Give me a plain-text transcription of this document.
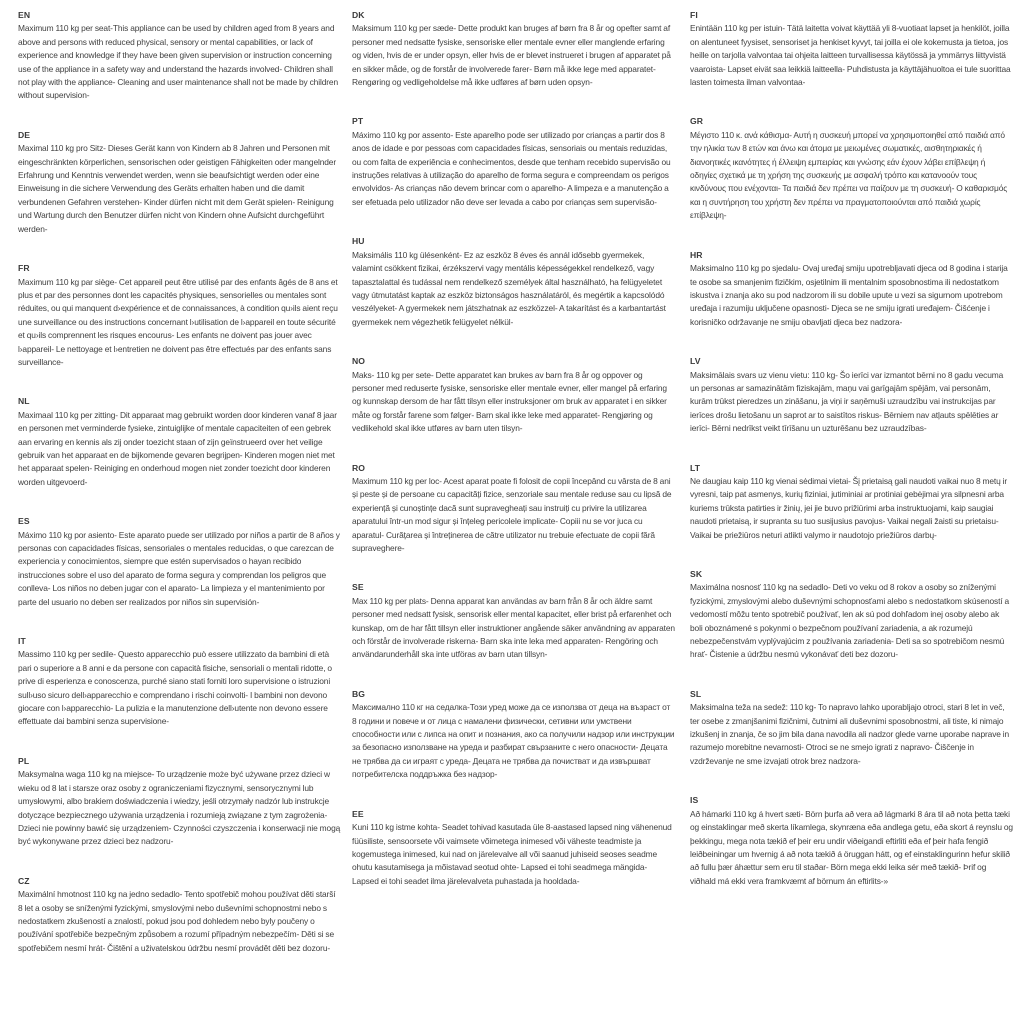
EN
Maximum 110 kg per seat-This appliance can be used by children aged from 8 years and above and persons with reduced physical, sensory or mental capabilities, or lack of experience and knowledge if they have been given supervision or instruction concerning use of the appliance in a safety way and understand the hazards involved- Children shall not play with the appliance- Cleaning and user maintenance shall not be made by children without supervision-
DE
Maximal 110 kg pro Sitz- Dieses Gerät kann von Kindern ab 8 Jahren und Personen mit eingeschränkten körperlichen, sensorischen oder geistigen Fähigkeiten oder mangelnder Erfahrung und Kenntnis verwendet werden, wenn sie beaufsichtigt werden oder eine Einweisung in die sichere Verwendung des Geräts erhalten haben und die damit verbundenen Gefahren verstehen- Kinder dürfen nicht mit dem Gerät spielen- Reinigung und Wartung durch den Benutzer dürfen nicht von Kindern ohne Aufsicht durchgeführt werden-
FR
Maximum 110 kg par siège- Cet appareil peut être utilisé par des enfants âgés de 8 ans et plus et par des personnes dont les capacités physiques, sensorielles ou mentales sont réduites, ou qui manquent d›expérience et de connaissances, à condition qu›ils aient reçu une surveillance ou des instructions concernant l›utilisation de l›appareil en toute sécurité et qu›ils comprennent les risques encourus- Les enfants ne doivent pas jouer avec l›appareil- Le nettoyage et l›entretien ne doivent pas être effectués par des enfants sans surveillance-
NL
Maximaal 110 kg per zitting- Dit apparaat mag gebruikt worden door kinderen vanaf 8 jaar en personen met verminderde fysieke, zintuiglijke of mentale capaciteiten of een gebrek aan ervaring en kennis als zij onder toezicht staan of zijn geïnstrueerd over het veilige gebruik van het apparaat en de bijkomende gevaren begrijpen- Kinderen mogen niet met het apparaat spelen- Reiniging en onderhoud mogen niet zonder toezicht door kinderen worden uitgevoerd-
ES
Máximo 110 kg por asiento- Este aparato puede ser utilizado por niños a partir de 8 años y personas con capacidades físicas, sensoriales o mentales reducidas, o que carezcan de experiencia y conocimientos, siempre que estén supervisados o hayan recibido instrucciones sobre el uso del aparato de forma segura y comprendan los peligros que conlleva- Los niños no deben jugar con el aparato- La limpieza y el mantenimiento por parte del usuario no deben ser realizados por niños sin supervisión-
IT
Massimo 110 kg per sedile- Questo apparecchio può essere utilizzato da bambini di età pari o superiore a 8 anni e da persone con capacità fisiche, sensoriali o mentali ridotte, o prive di esperienza e conoscenza, purché siano stati forniti loro supervisione o istruzioni sull›uso sicuro dell›apparecchio e comprendano i rischi coinvolti- I bambini non devono giocare con l›apparecchio- La pulizia e la manutenzione dell›utente non devono essere effettuate dai bambini senza supervisione-
PL
Maksymalna waga 110 kg na miejsce- To urządzenie może być używane przez dzieci w wieku od 8 lat i starsze oraz osoby z ograniczeniami fizycznymi, sensorycznymi lub umysłowymi, albo brakiem doświadczenia i wiedzy, jeśli otrzymały nadzór lub instrukcje dotyczące bezpiecznego używania urządzenia i rozumieją związane z tym zagrożenia- Dzieci nie powinny bawić się urządzeniem- Czynności czyszczenia i konserwacji nie mogą być wykonywane przez dzieci bez nadzoru-
CZ
Maximální hmotnost 110 kg na jedno sedadlo- Tento spotřebič mohou používat děti starší 8 let a osoby se sníženými fyzickými, smyslovými nebo duševními schopnostmi nebo s nedostatkem zkušeností a znalostí, pokud jsou pod dohledem nebo byly poučeny o používání spotřebiče bezpečným způsobem a rozumí případným nebezpečím- Děti si se spotřebičem nesmí hrát- Čištění a uživatelskou údržbu nesmí provádět děti bez dozoru-
DK
Maksimum 110 kg per sæde- Dette produkt kan bruges af børn fra 8 år og opefter samt af personer med nedsatte fysiske, sensoriske eller mentale evner eller manglende erfaring og viden, hvis de er under opsyn, eller hvis de er blevet instrueret i brugen af apparatet på en sikker måde, og de forstår de involverede farer- Børn må ikke lege med apparatet- Rengøring og vedligeholdelse må ikke udføres af børn uden opsyn-
PT
Máximo 110 kg por assento- Este aparelho pode ser utilizado por crianças a partir dos 8 anos de idade e por pessoas com capacidades físicas, sensoriais ou mentais reduzidas, ou com falta de experiência e conhecimentos, desde que tenham recebido supervisão ou instruções relativas à utilização do aparelho de forma segura e compreendam os perigos envolvidos- As crianças não devem brincar com o aparelho- A limpeza e a manutenção a ser efetuada pelo utilizador não deve ser levada a cabo por crianças sem supervisão-
HU
Maksimális 110 kg ülésenként- Ez az eszköz 8 éves és annál idősebb gyermekek, valamint csökkent fizikai, érzékszervi vagy mentális képességekkel rendelkező, vagy tapasztalattal és tudással nem rendelkező személyek által használható, ha felügyeletet vagy útmutatást kaptak az eszköz biztonságos használatáról, és megértik a kapcsolódó veszélyeket- A gyermekek nem játszhatnak az eszközzel- A takarítást és a karbantartást gyermekek nem végezhetik felügyelet nélkül-
NO
Maks- 110 kg per sete- Dette apparatet kan brukes av barn fra 8 år og oppover og personer med reduserte fysiske, sensoriske eller mentale evner, eller mangel på erfaring og kunnskap dersom de har fått tilsyn eller instruksjoner om bruk av apparatet i en sikker måte og forstår farene som følger- Barn skal ikke leke med apparatet- Rengjøring og vedlikehold skal ikke utføres av barn uten tilsyn-
RO
Maximum 110 kg per loc- Acest aparat poate fi folosit de copii începând cu vârsta de 8 ani și peste și de persoane cu capacități fizice, senzoriale sau mentale reduse sau cu lipsă de experiență și cunoștințe dacă sunt supravegheați sau instruiți cu privire la utilizarea aparatului într-un mod sigur și înțeleg pericolele implicate- Copiii nu se vor juca cu aparatul- Curățarea și întreținerea de către utilizator nu trebuie efectuate de copii fără supraveghere-
SE
Max 110 kg per plats- Denna apparat kan användas av barn från 8 år och äldre samt personer med nedsatt fysisk, sensorisk eller mental kapacitet, eller brist på erfarenhet och kunskap, om de har fått tillsyn eller instruktioner angående säker användning av apparaten och förstår de involverade riskerna- Barn ska inte leka med apparaten- Rengöring och användarunderhåll ska inte utföras av barn utan tillsyn-
BG
Максимално 110 кг на седалка-Този уред може да се използва от деца на възраст от 8 години и повече и от лица с намалени физически, сетивни или умствени способности или с липса на опит и познания, ако са получили надзор или инструкции за безопасно използване на уреда и разбират свързаните с него опасности- Децата не трябва да си играят с уреда- Децата не трябва да почистват и да извършват потребителска поддръжка без надзор-
EE
Kuni 110 kg istme kohta- Seadet tohivad kasutada üle 8-aastased lapsed ning vähenenud füüsiliste, sensoorsete või vaimsete võimetega inimesed või väheste teadmiste ja kogemustega inimesed, kui nad on järelevalve all või saanud juhiseid seoses seadme ohutu kasutamisega ja mõistavad seotud ohte- Lapsed ei tohi seadmega mängida- Lapsed ei tohi seadet ilma järelevalveta puhastada ja hooldada-
FI
Enintään 110 kg per istuin- Tätä laitetta voivat käyttää yli 8-vuotiaat lapset ja henkilöt, joilla on alentuneet fyysiset, sensoriset ja henkiset kyvyt, tai joilla ei ole kokemusta ja tietoa, jos heille on tarjolla valvontaa tai ohjeita laitteen turvallisessa käytössä ja ymmärrys liittyvistä vaaroista- Lapset eivät saa leikkiä laitteella- Puhdistusta ja käyttäjähuoltoa ei tule suorittaa lasten toimesta ilman valvontaa-
GR
Μέγιστο 110 κ. ανά κάθισμα- Αυτή η συσκευή μπορεί να χρησιμοποιηθεί από παιδιά από την ηλικία των 8 ετών και άνω και άτομα με μειωμένες σωματικές, αισθητηριακές ή διανοητικές ικανότητες ή έλλειψη εμπειρίας και γνώσης εάν έχουν λάβει επίβλεψη ή οδηγίες σχετικά με τη χρήση της συσκευής με ασφαλή τρόπο και κατανοούν τους κινδύνους που ενέχονται- Τα παιδιά δεν πρέπει να παίζουν με τη συσκευή- Ο καθαρισμός και η συντήρηση του χρήστη δεν πρέπει να πραγματοποιούνται από παιδιά χωρίς επίβλεψη-
HR
Maksimalno 110 kg po sjedalu- Ovaj uređaj smiju upotrebljavati djeca od 8 godina i starija te osobe sa smanjenim fizičkim, osjetilnim ili mentalnim sposobnostima ili nedostatkom iskustva i znanja ako su pod nadzorom ili su dobile upute u vezi sa sigurnom upotrebom uređaja i razumiju uključene opasnosti- Djeca se ne smiju igrati uređajem- Čišćenje i korisničko održavanje ne smiju obavljati djeca bez nadzora-
LV
Maksimālais svars uz vienu vietu: 110 kg- Šo ierīci var izmantot bērni no 8 gadu vecuma un personas ar samazinātām fiziskajām, maņu vai garīgajām spējām, vai personām, kurām trūkst pieredzes un zināšanu, ja viņi ir saņēmuši uzraudzību vai instrukcijas par ierīces drošu lietošanu un saprot ar to saistītos riskus- Bērniem nav atļauts spēlēties ar ierīci- Bērni nedrīkst veikt tīrīšanu un uzturēšanu bez uzraudzības-
LT
Ne daugiau kaip 110 kg vienai sėdimai vietai- Šį prietaisą gali naudoti vaikai nuo 8 metų ir vyresni, taip pat asmenys, kurių fiziniai, jutiminiai ar protiniai gebėjimai yra silpnesni arba kuriems trūksta patirties ir žinių, jei jie buvo prižiūrimi arba instruktuojami, kaip saugiai naudoti prietaisą, ir supranta su tuo susijusius pavojus- Vaikai negali žaisti su prietaisu- Vaikai be priežiūros neturi atlikti valymo ir naudotojo priežiūros darbų-
SK
Maximálna nosnosť 110 kg na sedadlo- Deti vo veku od 8 rokov a osoby so zníženými fyzickými, zmyslovými alebo duševnými schopnosťami alebo s nedostatkom skúseností a vedomostí môžu tento spotrebič používať, len ak sú pod dohľadom inej osoby alebo ak boli oboznámené s pokynmi o bezpečnom používaní zariadenia, a ak rozumejú nebezpečenstvám vyplývajúcim z používania zariadenia- Deti sa so spotrebičom nesmú hrať- Čistenie a údržbu nesmú vykonávať deti bez dozoru-
SL
Maksimalna teža na sedež: 110 kg- To napravo lahko uporabljajo otroci, stari 8 let in več, ter osebe z zmanjšanimi fizičnimi, čutnimi ali duševnimi sposobnostmi, ali tiste, ki nimajo izkušenj in znanja, če so jim bila dana navodila ali nadzor glede varne uporabe naprave in razumejo morebitne nevarnosti- Otroci se ne smejo igrati z napravo- Čiščenje in vzdrževanje ne sme izvajati otrok brez nadzora-
IS
Að hámarki 110 kg á hvert sæti- Börn þurfa að vera að lágmarki 8 ára til að nota þetta tæki og einstaklingar með skerta líkamlega, skynræna eða andlega getu, eða skort á reynslu og þekkingu, mega nota tækið ef þeir eru undir viðeigandi eftirliti eða ef þeir hafa fengið leiðbeiningar um hvernig á að nota tækið á öruggan hátt, og ef einstaklingurinn hefur skilið að fullu þær áhættur sem eru til staðar- Börn mega ekki leika sér með tækið- Þrif og viðhald má ekki vera framkvæmt af börnum án eftirlits-»
